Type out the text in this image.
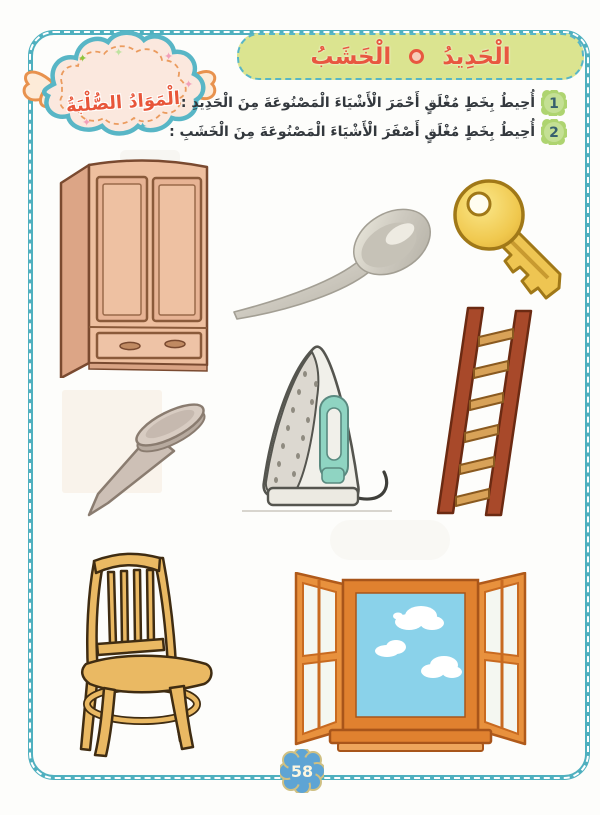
الْحَدِيدُ
الْخَشَبُ
✦	✦
✦
✦	✦
✦
الْمَوَادُ الصُّلْبَةُ	1
أُحِيطُ بِخَطٍ مُغْلَقٍ أَحْمَرَ الْأَشْيَاءَ الْمَصْنُوعَةَ مِنَ الْحَدِيدِ :
2
أُحِيطُ بِخَطٍ مُغْلَقٍ أَصْفَرَ الْأَشْيَاءَ الْمَصْنُوعَةَ مِنَ الْخَشَبِ :
58
